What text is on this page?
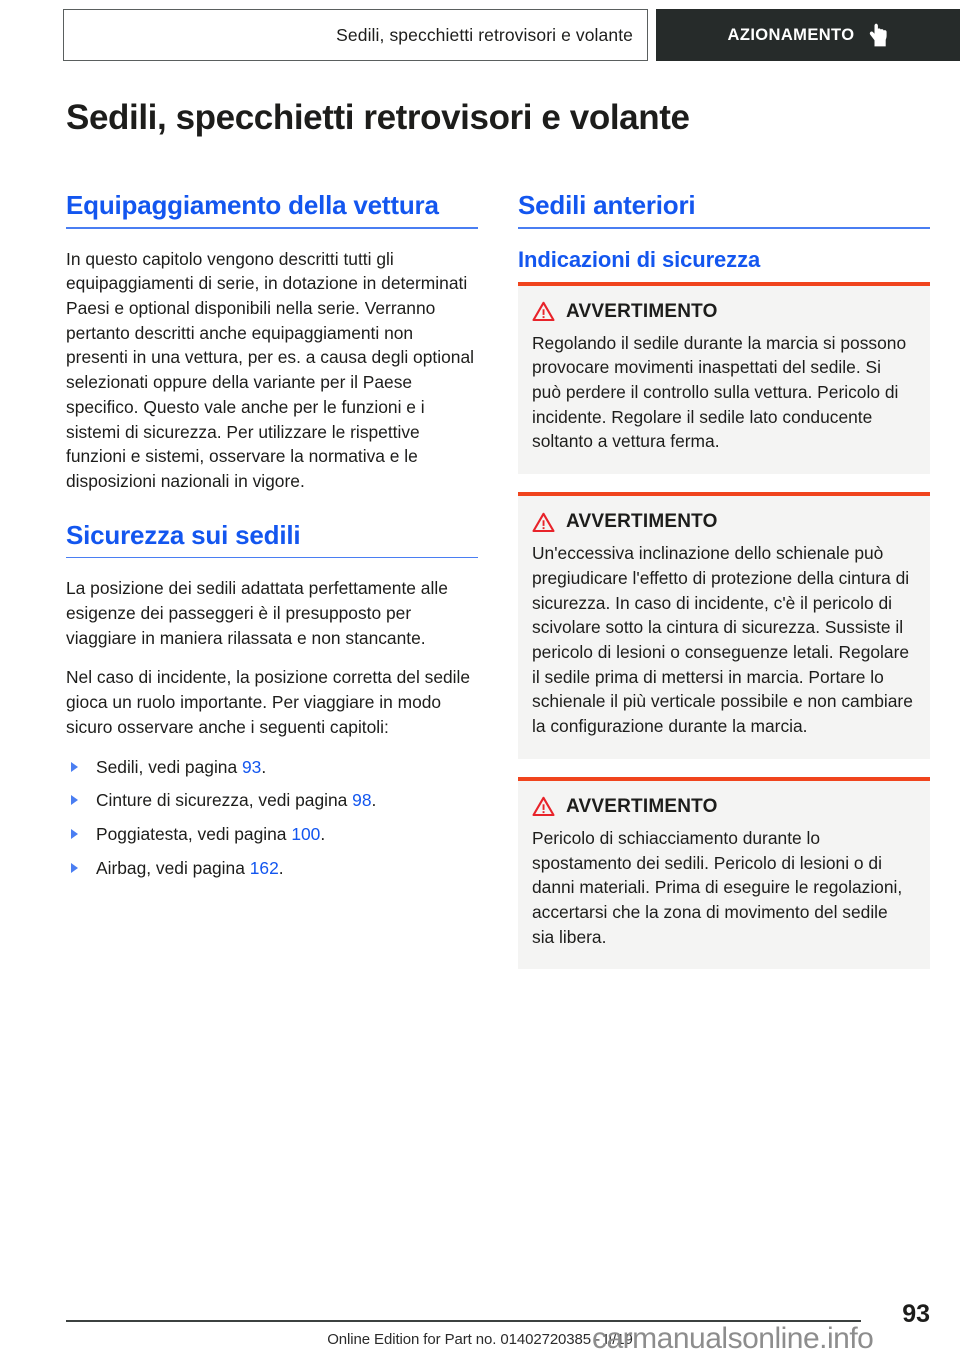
Sedili, specchietti retrovisori e volante	AZIONAMENTO
Sedili, specchietti retrovisori e volante
Equipaggiamento della vettura

In questo capitolo vengono descritti tutti gli equipaggiamenti di serie, in dotazione in determinati Paesi e optional disponibili nella serie. Verranno pertanto descritti anche equipaggiamenti non presenti in una vettura, per es. a causa degli optional selezionati oppure della variante per il Paese specifico. Questo vale anche per le funzioni e i sistemi di sicurezza. Per utilizzare le rispettive funzioni e sistemi, osservare la normativa e le disposizioni nazionali in vigore.

Sicurezza sui sedili

La posizione dei sedili adattata perfettamente alle esigenze dei passeggeri è il presupposto per viaggiare in maniera rilassata e non stancante.

Nel caso di incidente, la posizione corretta del sedile gioca un ruolo importante. Per viaggiare in modo sicuro osservare anche i seguenti capitoli:

Sedili, vedi pagina 93.
Cinture di sicurezza, vedi pagina 98.
Poggiatesta, vedi pagina 100.
Airbag, vedi pagina 162.
Sedili anteriori
Indicazioni di sicurezza
AVVERTIMENTO

Regolando il sedile durante la marcia si possono provocare movimenti inaspettati del sedile. Si può perdere il controllo sulla vettura. Pericolo di incidente. Regolare il sedile lato conducente soltanto a vettura ferma.

AVVERTIMENTO

Un'eccessiva inclinazione dello schienale può pregiudicare l'effetto di protezione della cintura di sicurezza. In caso di incidente, c'è il pericolo di scivolare sotto la cintura di sicurezza. Sussiste il pericolo di lesioni o conseguenze letali. Regolare il sedile prima di mettersi in marcia. Portare lo schienale il più verticale possibile e non cambiare la configurazione durante la marcia.

AVVERTIMENTO

Pericolo di schiacciamento durante lo spostamento dei sedili. Pericolo di lesioni o di danni materiali. Prima di eseguire le regolazioni, accertarsi che la zona di movimento del sedile sia libera.

93
Online Edition for Part no. 01402720385 - II/19
carmanualsonline.info
